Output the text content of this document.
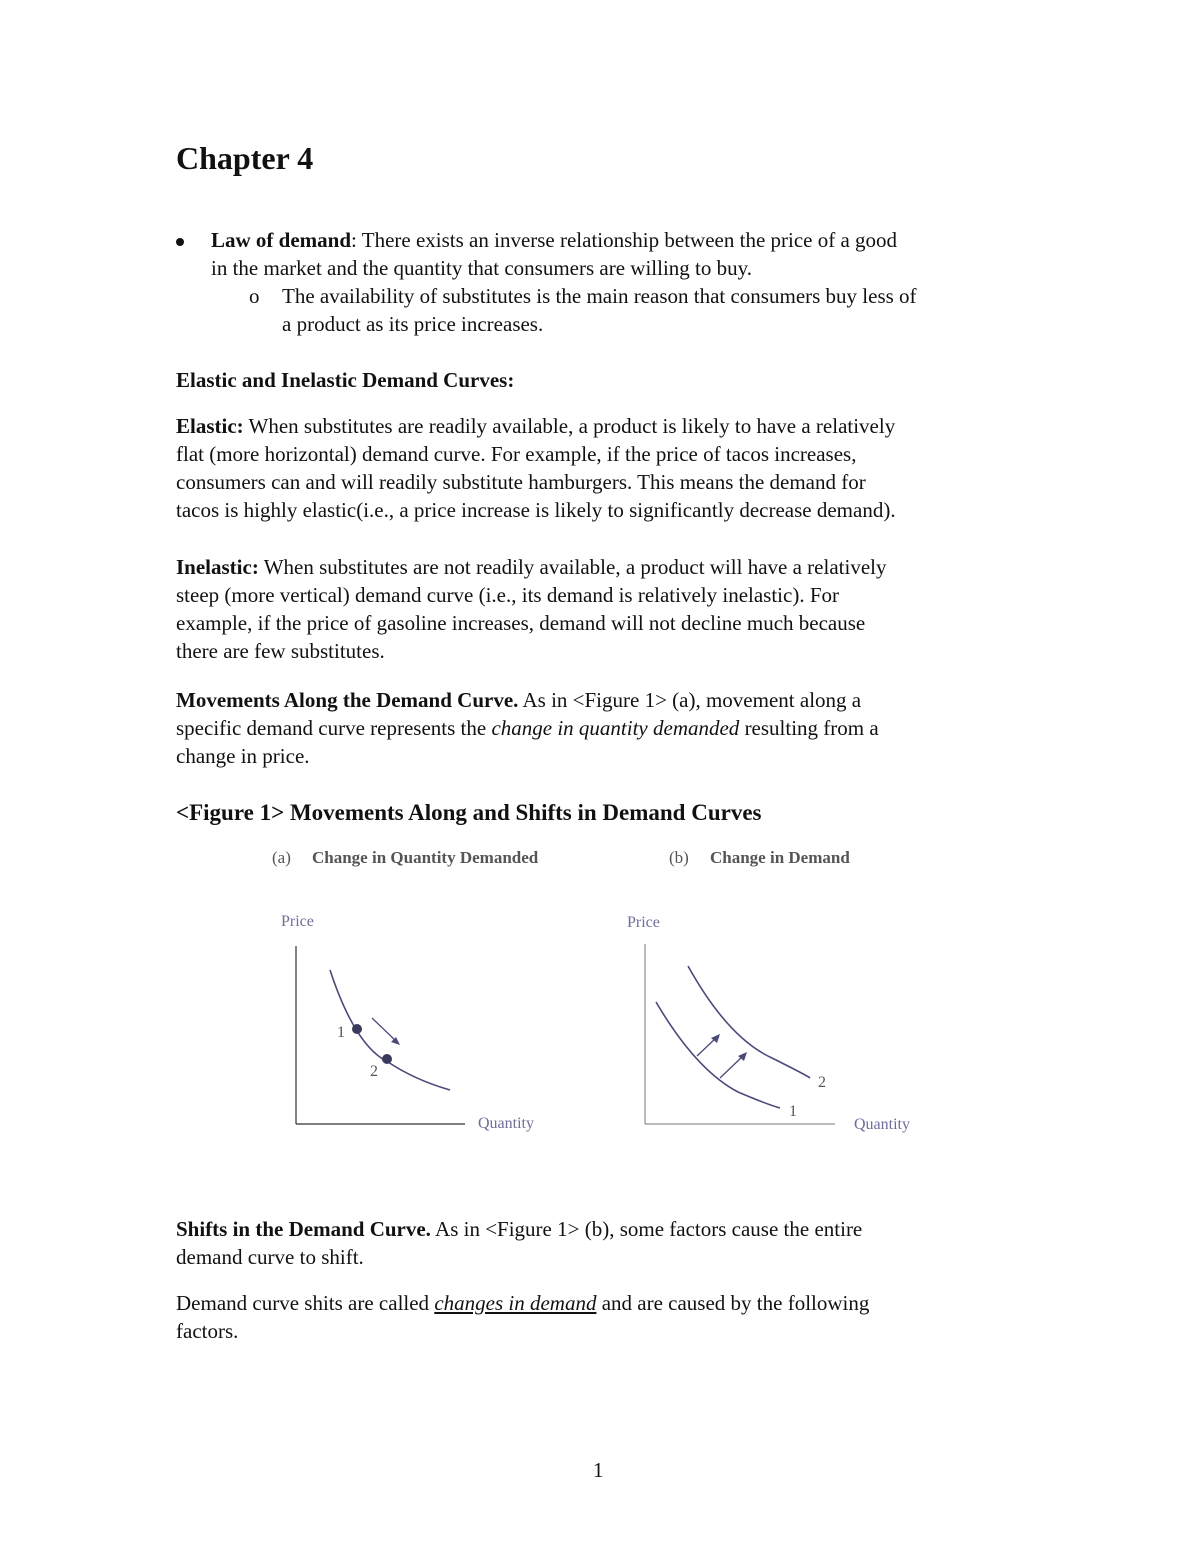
Chapter 4
Law of demand: There exists an inverse relationship between the price of a good
in the market and the quantity that consumers are willing to buy.
o The availability of substitutes is the main reason that consumers buy less of
a product as its price increases.
Elastic and Inelastic Demand Curves:
Elastic: When substitutes are readily available, a product is likely to have a relatively
flat (more horizontal) demand curve. For example, if the price of tacos increases,
consumers can and will readily substitute hamburgers. This means the demand for
tacos is highly elastic(i.e., a price increase is likely to significantly decrease demand).
Inelastic: When substitutes are not readily available, a product will have a relatively
steep (more vertical) demand curve (i.e., its demand is relatively inelastic). For
example, if the price of gasoline increases, demand will not decline much because
there are few substitutes.
Movements Along the Demand Curve. As in <Figure 1> (a), movement along a
specific demand curve represents the change in quantity demanded resulting from a
change in price.
<Figure 1> Movements Along and Shifts in Demand Curves
(a) Change in Quantity Demanded	(b) Change in Demand
Price
Quantity
1
2
Price
Quantity
2
1
Shifts in the Demand Curve. As in <Figure 1> (b), some factors cause the entire
demand curve to shift.
Demand curve shits are called changes in demand and are caused by the following
factors.
1
